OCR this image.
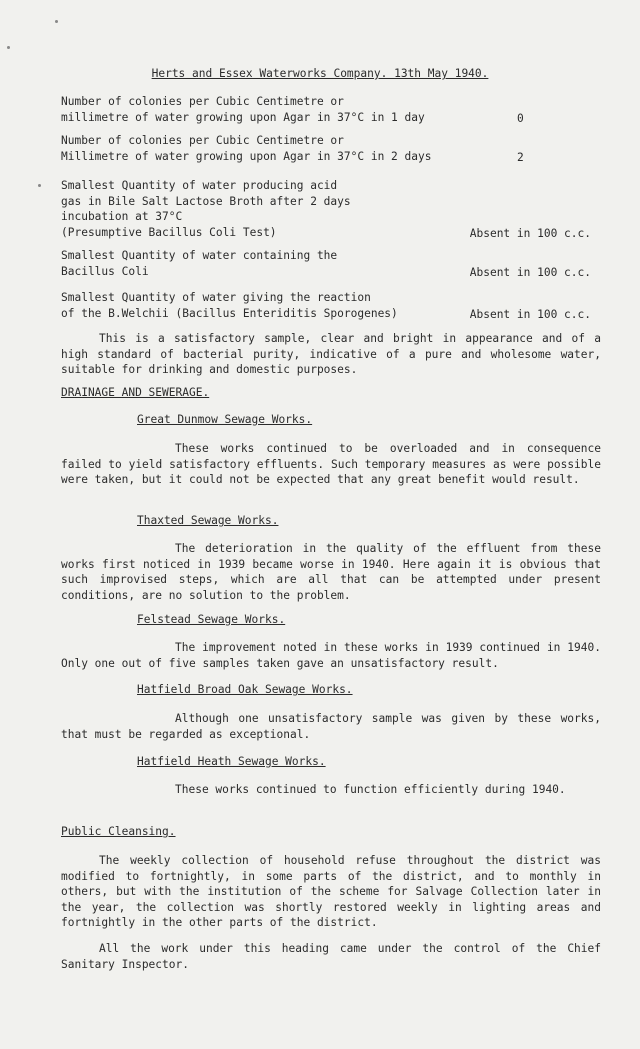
Herts and Essex Waterworks Company. 13th May 1940.
Number of colonies per Cubic Centimetre or
millimetre of water growing upon Agar in 37°C in 1 day	0
Number of colonies per Cubic Centimetre or
Millimetre of water growing upon Agar in 37°C in 2 days	2
Smallest Quantity of water producing acid
gas in Bile Salt Lactose Broth after 2 days
incubation at 37°C
(Presumptive Bacillus Coli Test)	Absent in 100 c.c.
Smallest Quantity of water containing the
Bacillus Coli	Absent in 100 c.c.
Smallest Quantity of water giving the reaction
of the B.Welchii (Bacillus Enteriditis Sporogenes)	Absent in 100 c.c.
This is a satisfactory sample, clear and bright in appearance and of a high standard of bacterial purity, indicative of a pure and wholesome water, suitable for drinking and domestic purposes.
DRAINAGE AND SEWERAGE.
Great Dunmow Sewage Works.
These works continued to be overloaded and in consequence failed to yield satisfactory effluents. Such temporary measures as were possible were taken, but it could not be expected that any great benefit would result.
Thaxted Sewage Works.
The deterioration in the quality of the effluent from these works first noticed in 1939 became worse in 1940. Here again it is obvious that such improvised steps, which are all that can be attempted under present conditions, are no solution to the problem.
Felstead Sewage Works.
The improvement noted in these works in 1939 continued in 1940. Only one out of five samples taken gave an unsatisfactory result.
Hatfield Broad Oak Sewage Works.
Although one unsatisfactory sample was given by these works, that must be regarded as exceptional.
Hatfield Heath Sewage Works.
These works continued to function efficiently during 1940.
Public Cleansing.
The weekly collection of household refuse throughout the district was modified to fortnightly, in some parts of the district, and to monthly in others, but with the institution of the scheme for Salvage Collection later in the year, the collection was shortly restored weekly in lighting areas and fortnightly in the other parts of the district.
All the work under this heading came under the control of the Chief Sanitary Inspector.
